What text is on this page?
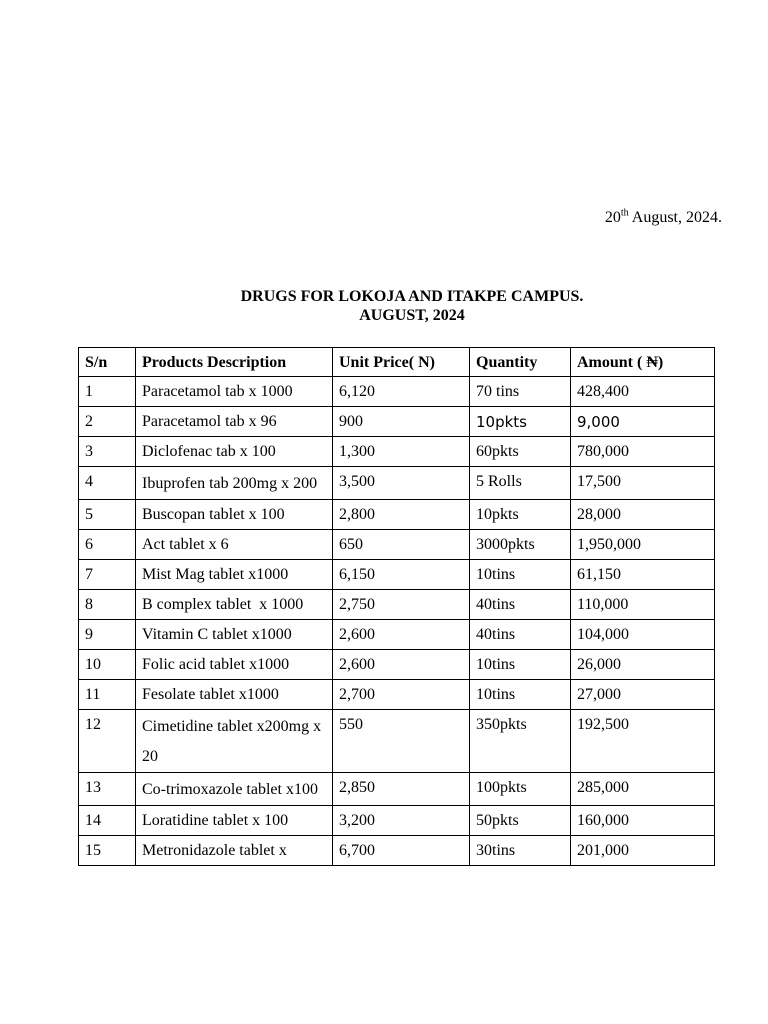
20th August, 2024.
DRUGS FOR LOKOJA AND ITAKPE CAMPUS.
AUGUST, 2024
S/n	Products Description	Unit Price( N)	Quantity	Amount ( ₦)
1	Paracetamol tab x 1000	6,120	70 tins	428,400
2	Paracetamol tab x 96	900	10pkts	9,000
3	Diclofenac tab x 100	1,300	60pkts	780,000
4	Ibuprofen tab 200mg x 200	3,500	5 Rolls	17,500
5	Buscopan tablet x 100	2,800	10pkts	28,000
6	Act tablet x 6	650	3000pkts	1,950,000
7	Mist Mag tablet x1000	6,150	10tins	61,150
8	B complex tablet  x 1000	2,750	40tins	110,000
9	Vitamin C tablet x1000	2,600	40tins	104,000
10	Folic acid tablet x1000	2,600	10tins	26,000
11	Fesolate tablet x1000	2,700	10tins	27,000
12	Cimetidine tablet x200mg x 20	550	350pkts	192,500
13	Co-trimoxazole tablet x100	2,850	100pkts	285,000
14	Loratidine tablet x 100	3,200	50pkts	160,000
15	Metronidazole tablet x	6,700	30tins	201,000
